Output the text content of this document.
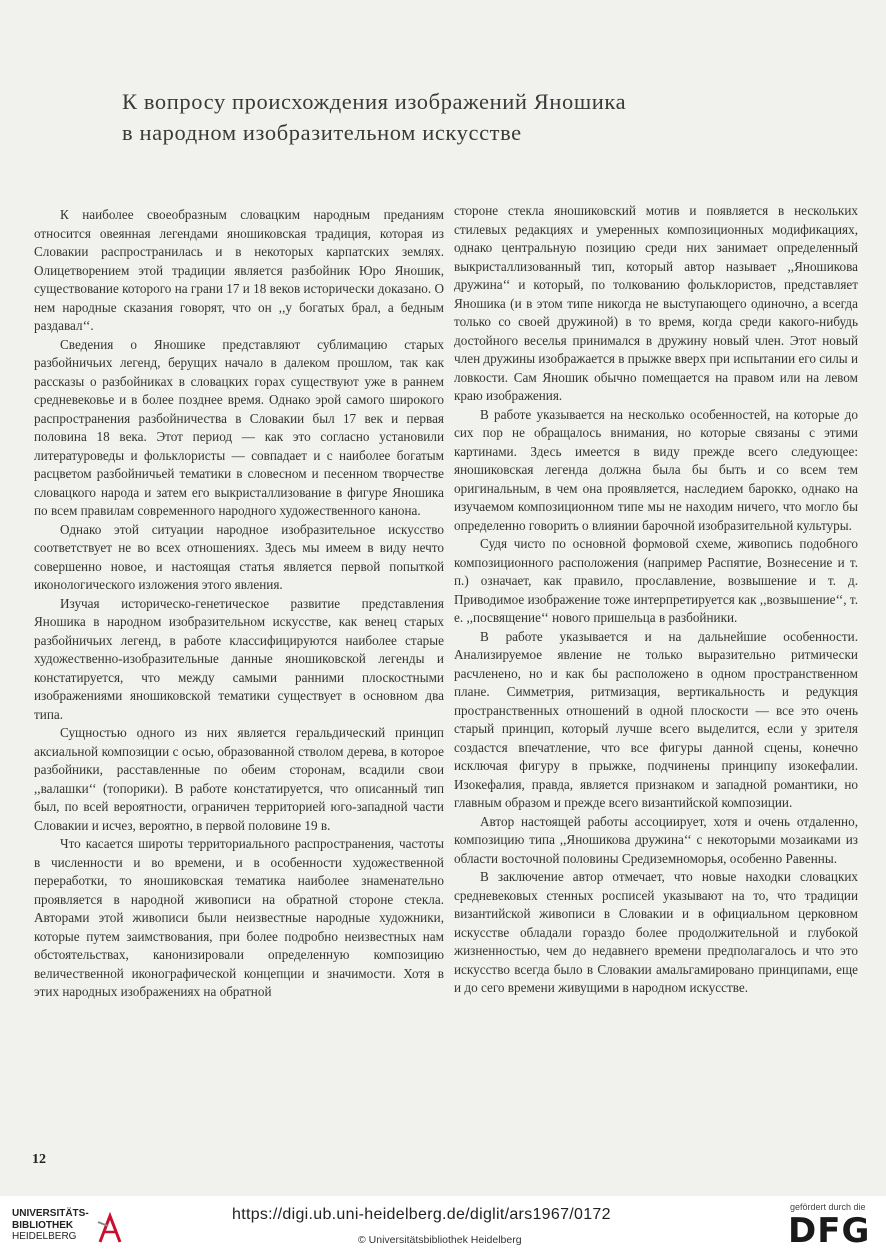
К вопросу происхождения изображений Яношика
в народном изобразительном искусстве

К наиболее своеобразным словацким народным преданиям относится овеянная легендами яношиковская традиция, которая из Словакии распространилась и в некоторых карпатских землях. Олицетворением этой традиции является разбойник Юро Яношик, существование которого на грани 17 и 18 веков исторически доказано. О нем народные сказания говорят, что он ,,у богатых брал, а бедным раздавал‘‘.

Сведения о Яношике представляют сублимацию старых разбойничьих легенд, берущих начало в далеком прошлом, так как рассказы о разбойниках в словацких горах существуют уже в раннем средневековье и в более позднее время. Однако эрой самого широкого распространения разбойничества в Словакии был 17 век и первая половина 18 века. Этот период — как это согласно установили литературоведы и фольклористы — совпадает и с наиболее богатым расцветом разбойничьей тематики в словесном и песенном творчестве словацкого народа и затем его выкристаллизование в фигуре Яношика по всем правилам современного народного художественного канона.

Однако этой ситуации народное изобразительное искусство соответствует не во всех отношениях. Здесь мы имеем в виду нечто совершенно новое, и настоящая статья является первой попыткой иконологического изложения этого явления.

Изучая историческо-генетическое развитие представления Яношика в народном изобразительном искусстве, как венец старых разбойничьих легенд, в работе классифицируются наиболее старые художественно-изобразительные данные яношиковской легенды и констатируется, что между самыми ранними плоскостными изображениями яношиковской тематики существует в основном два типа.

Сущностью одного из них является геральдический принцип аксиальной композиции с осью, образованной стволом дерева, в которое разбойники, расставленные по обеим сторонам, всадили свои ,,валашки‘‘ (топорики). В работе констатируется, что описанный тип был, по всей вероятности, ограничен территорией юго-западной части Словакии и исчез, вероятно, в первой половине 19 в.

Что касается широты территориального распространения, частоты в численности и во времени, и в особенности художественной переработки, то яношиковская тематика наиболее знаменательно проявляется в народной живописи на обратной стороне стекла. Авторами этой живописи были неизвестные народные художники, которые путем заимствования, при более подробно неизвестных нам обстоятельствах, канонизировали определенную композицию величественной иконографической концепции и значимости. Хотя в этих народных изображениях на обратной

стороне стекла яношиковский мотив и появляется в нескольких стилевых редакциях и умеренных композиционных модификациях, однако центральную позицию среди них занимает определенный выкристаллизованный тип, который автор называет ,,Яношикова дружина‘‘ и который, по толкованию фольклористов, представляет Яношика (и в этом типе никогда не выступающего одиночно, а всегда только со своей дружиной) в то время, когда среди какого-нибудь достойного веселья принимался в дружину новый член. Этот новый член дружины изображается в прыжке вверх при испытании его силы и ловкости. Сам Яношик обычно помещается на правом или на левом краю изображения.

В работе указывается на несколько особенностей, на которые до сих пор не обращалось внимания, но которые связаны с этими картинами. Здесь имеется в виду прежде всего следующее: яношиковская легенда должна была бы быть и со всем тем оригинальным, в чем она проявляется, наследием барокко, однако на изучаемом композиционном типе мы не находим ничего, что могло бы определенно говорить о влиянии барочной изобразительной культуры.

Судя чисто по основной формовой схеме, живопись подобного композиционного расположения (например Распятие, Вознесение и т. п.) означает, как правило, прославление, возвышение и т. д. Приводимое изображение тоже интерпретируется как ,,возвышение‘‘, т. е. ,,посвящение‘‘ нового пришельца в разбойники.

В работе указывается и на дальнейшие особенности. Анализируемое явление не только выразительно ритмически расчленено, но и как бы расположено в одном пространственном плане. Симметрия, ритмизация, вертикальность и редукция пространственных отношений в одной плоскости — все это очень старый принцип, который лучше всего выделится, если у зрителя создастся впечатление, что все фигуры данной сцены, конечно исключая фигуру в прыжке, подчинены принципу изокефалии. Изокефалия, правда, является признаком и западной романтики, но главным образом и прежде всего византийской композиции.

Автор настоящей работы ассоциирует, хотя и очень отдаленно, композицию типа ,,Яношикова дружина‘‘ с некоторыми мозаиками из области восточной половины Средиземноморья, особенно Равенны.

В заключение автор отмечает, что новые находки словацких средневековых стенных росписей указывают на то, что традиции византийской живописи в Словакии и в официальном церковном искусстве обладали гораздо более продолжительной и глубокой жизненностью, чем до недавнего времени предполагалось и что это искусство всегда было в Словакии амальгамировано принципами, еще и до сего времени живущими в народном искусстве.

12
UNIVERSITÄTS-
BIBLIOTHEK
HEIDELBERG
https://digi.ub.uni-heidelberg.de/diglit/ars1967/0172
© Universitätsbibliothek Heidelberg
gefördert durch die
DFG
